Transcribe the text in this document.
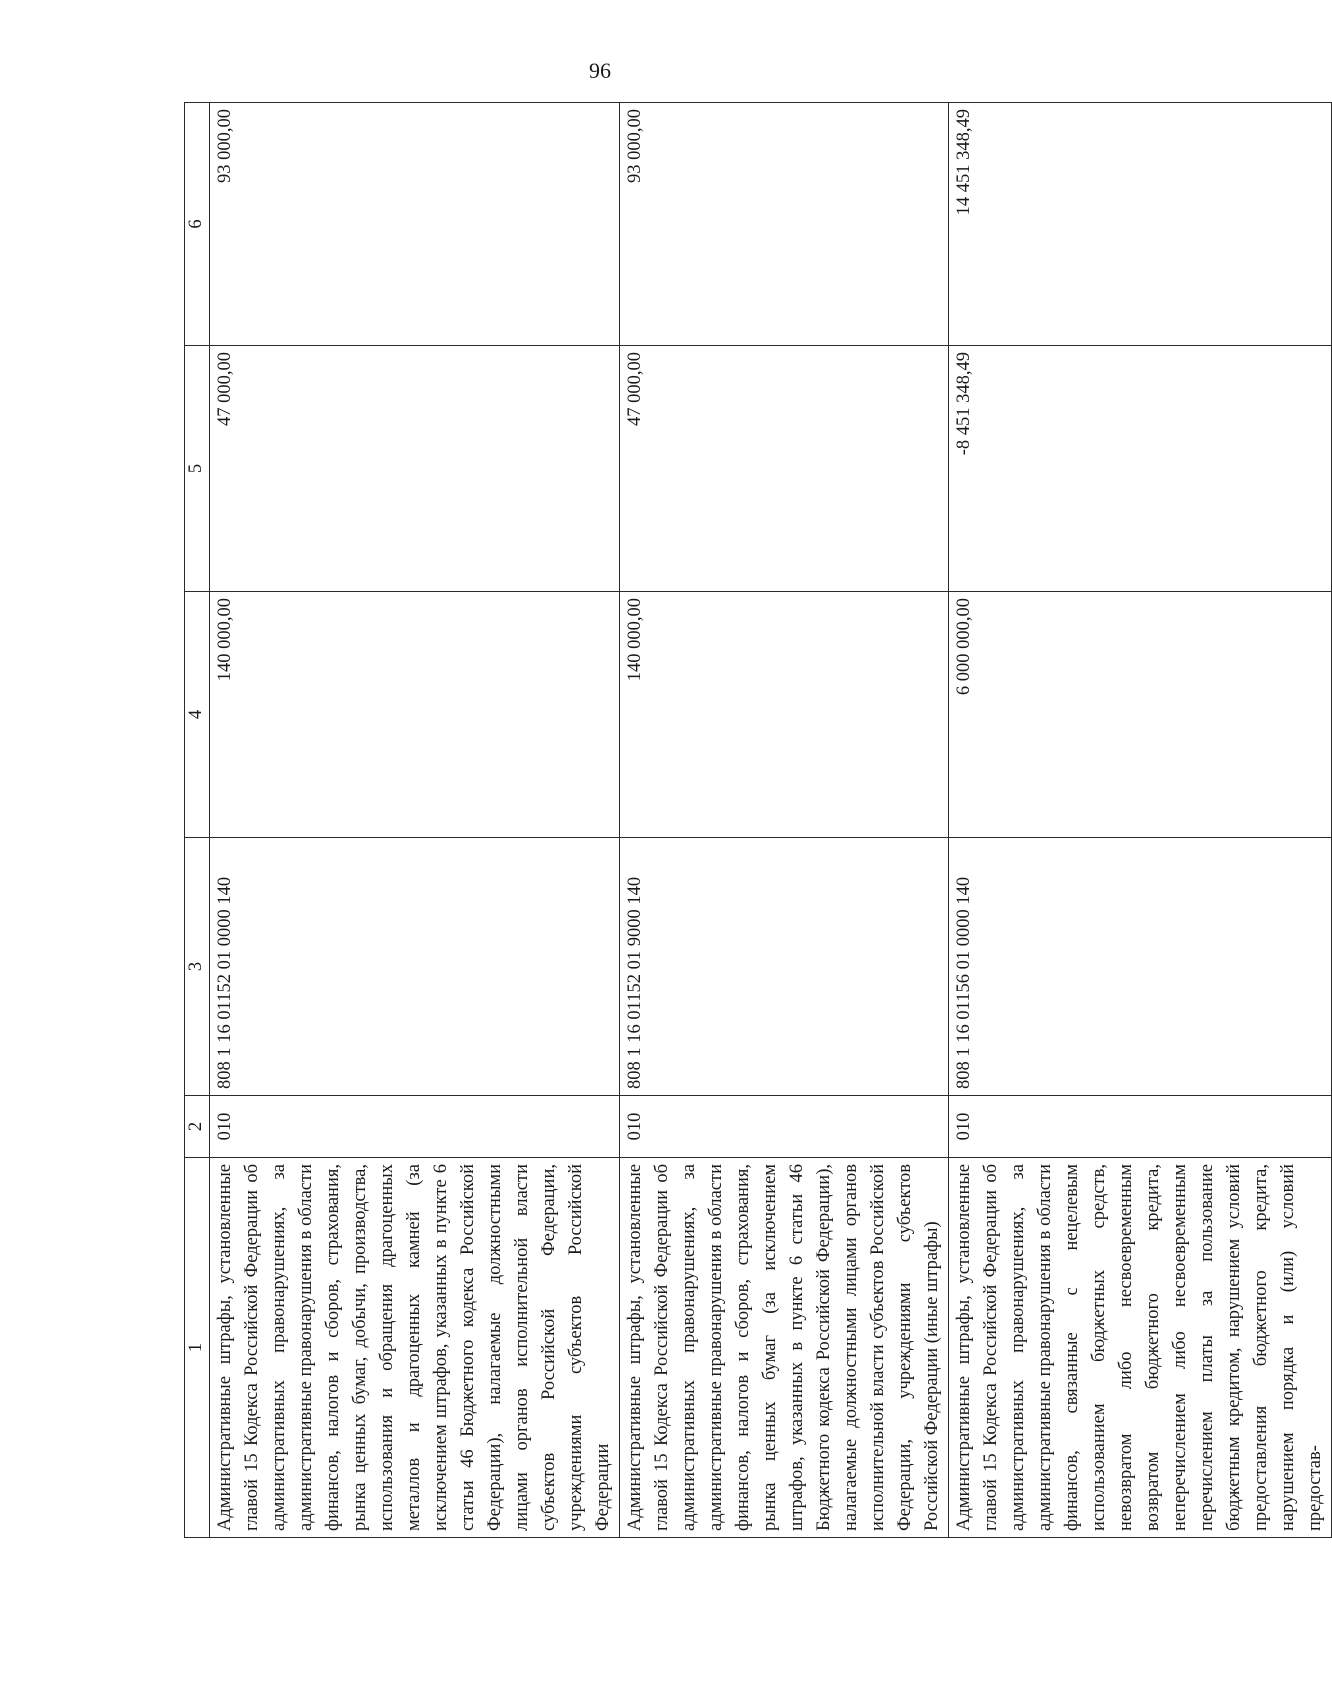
96
1	2	3	4	5	6
Административные штрафы, установленные главой 15 Кодекса Российской Федерации об административных правонарушениях, за административные правонарушения в области финансов, налогов и сборов, страхования, рынка ценных бумаг, добычи, производства, использования и обращения драгоценных металлов и драгоценных камней (за исключением штрафов, указанных в пункте 6 статьи 46 Бюджетного кодекса Российской Федерации), налагаемые должностными лицами органов исполнительной власти субъектов Российской Федерации, учреждениями субъектов Российской Федерации	010	808 1 16 01152 01 0000 140	140 000,00	47 000,00	93 000,00
Административные штрафы, установленные главой 15 Кодекса Российской Федерации об административных правонарушениях, за административные правонарушения в области финансов, налогов и сборов, страхования, рынка ценных бумаг (за исключением штрафов, указанных в пункте 6 статьи 46 Бюджетного кодекса Российской Федерации), налагаемые должностными лицами органов исполнительной власти субъектов Российской Федерации, учреждениями субъектов Российской Федерации (иные штрафы)	010	808 1 16 01152 01 9000 140	140 000,00	47 000,00	93 000,00
Административные штрафы, установленные главой 15 Кодекса Российской Федерации об административных правонарушениях, за административные правонарушения в области финансов, связанные с нецелевым использованием бюджетных средств, невозвратом либо несвоевременным возвратом бюджетного кредита, неперечислением либо несвоевременным перечислением платы за пользование бюджетным кредитом, нарушением условий предоставления бюджетного кредита, нарушением порядка и (или) условий предостав-	010	808 1 16 01156 01 0000 140	6 000 000,00	-8 451 348,49	14 451 348,49
